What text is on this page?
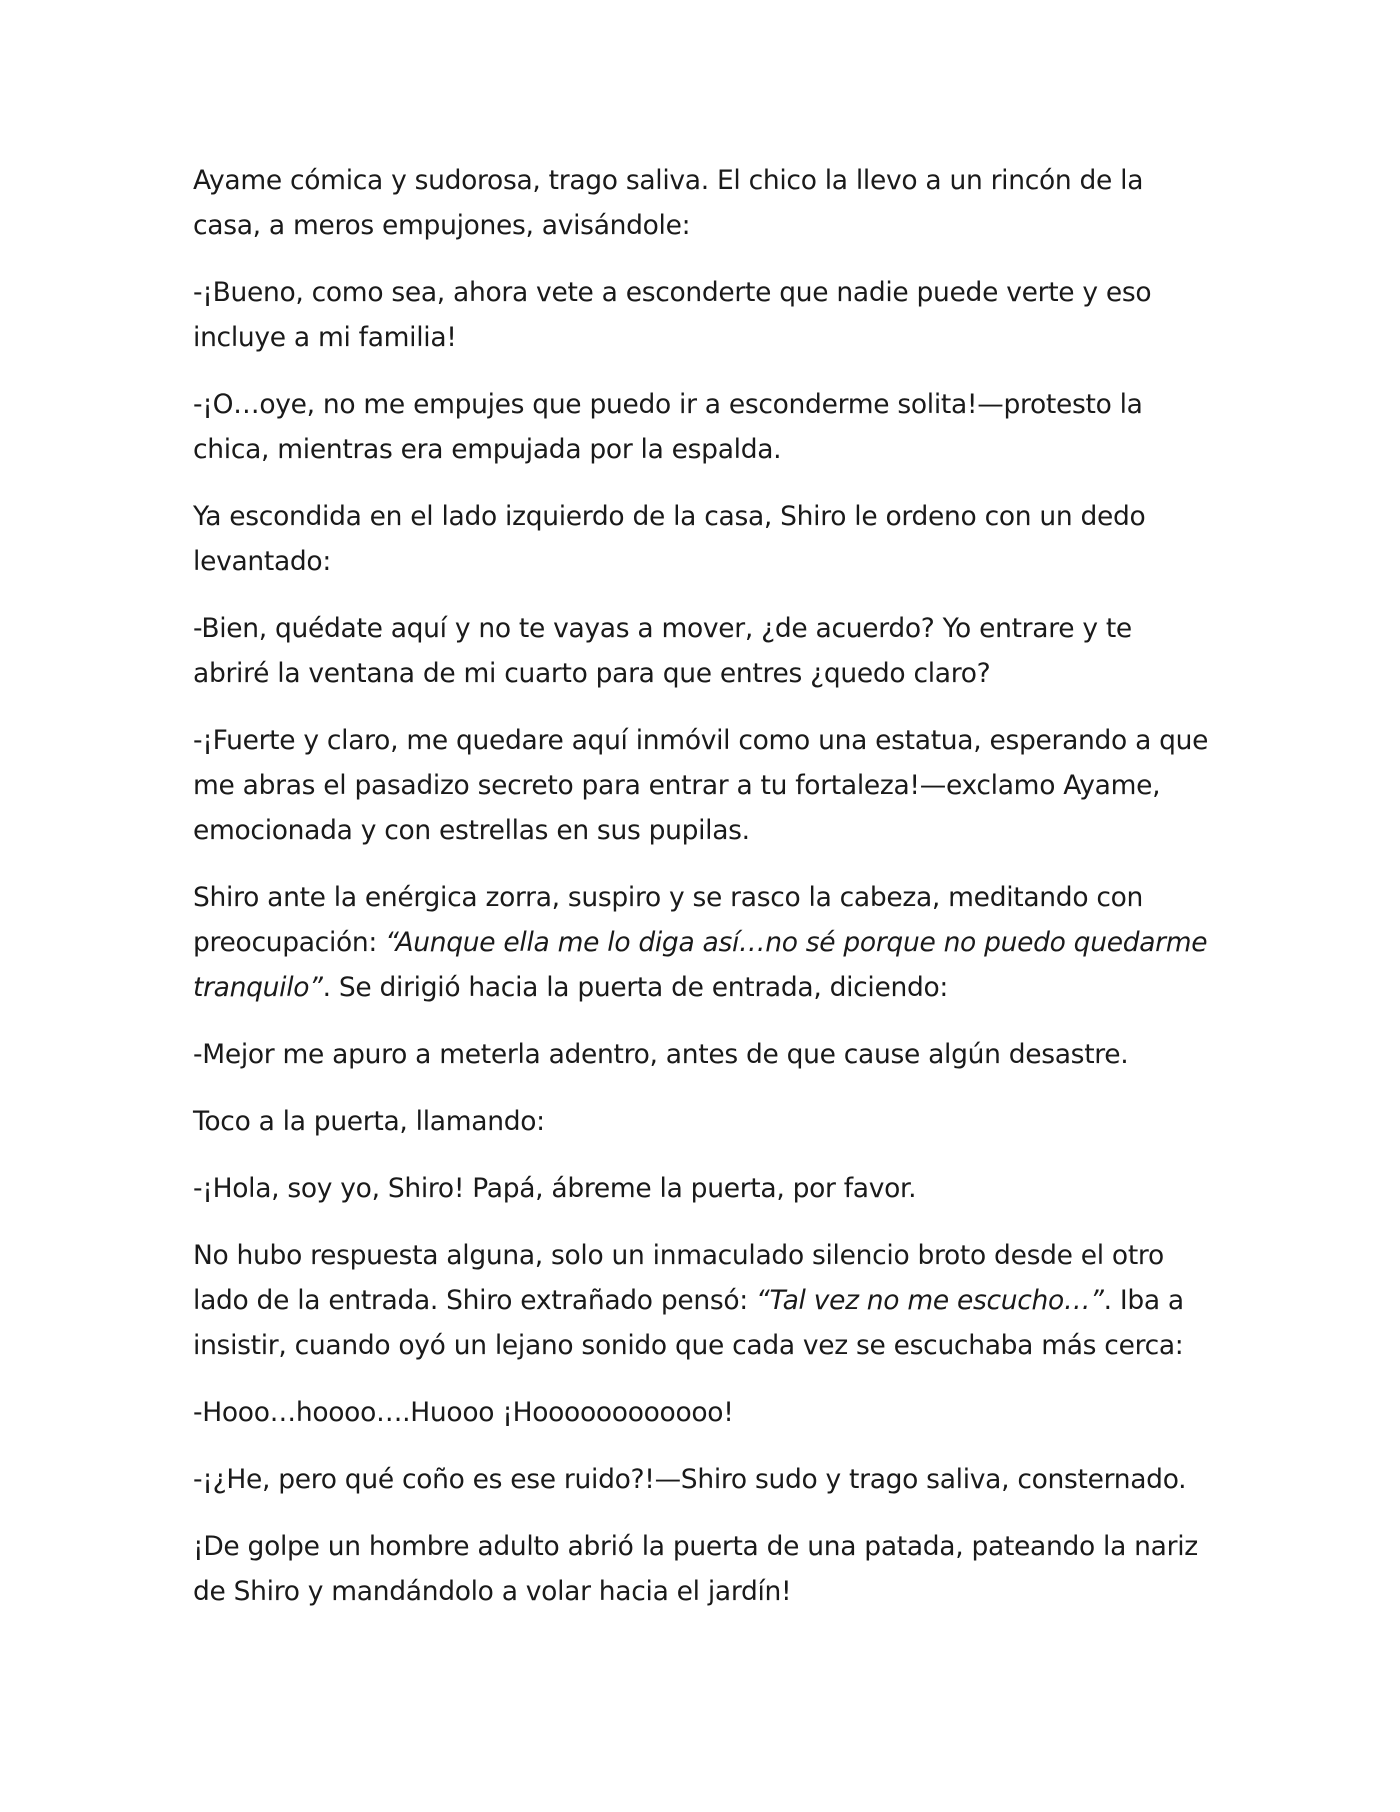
Ayame cómica y sudorosa, trago saliva. El chico la llevo a un rincón de la casa, a meros empujones, avisándole:

-¡Bueno, como sea, ahora vete a esconderte que nadie puede verte y eso incluye a mi familia!

-¡O…oye, no me empujes que puedo ir a esconderme solita!—protesto la chica, mientras era empujada por la espalda.

Ya escondida en el lado izquierdo de la casa, Shiro le ordeno con un dedo levantado:

-Bien, quédate aquí y no te vayas a mover, ¿de acuerdo? Yo entrare y te abriré la ventana de mi cuarto para que entres ¿quedo claro?

-¡Fuerte y claro, me quedare aquí inmóvil como una estatua, esperando a que me abras el pasadizo secreto para entrar a tu fortaleza!—exclamo Ayame, emocionada y con estrellas en sus pupilas.

Shiro ante la enérgica zorra, suspiro y se rasco la cabeza, meditando con preocupación: “Aunque ella me lo diga así…no sé porque no puedo quedarme tranquilo”. Se dirigió hacia la puerta de entrada, diciendo:

-Mejor me apuro a meterla adentro, antes de que cause algún desastre.

Toco a la puerta, llamando:

-¡Hola, soy yo, Shiro! Papá, ábreme la puerta, por favor.

No hubo respuesta alguna, solo un inmaculado silencio broto desde el otro lado de la entrada. Shiro extrañado pensó: “Tal vez no me escucho…”. Iba a insistir, cuando oyó un lejano sonido que cada vez se escuchaba más cerca:

-Hooo…hoooo….Huooo ¡Hoooooooooooo!

-¡¿He, pero qué coño es ese ruido?!—Shiro sudo y trago saliva, consternado.

¡De golpe un hombre adulto abrió la puerta de una patada, pateando la nariz de Shiro y mandándolo a volar hacia el jardín!
